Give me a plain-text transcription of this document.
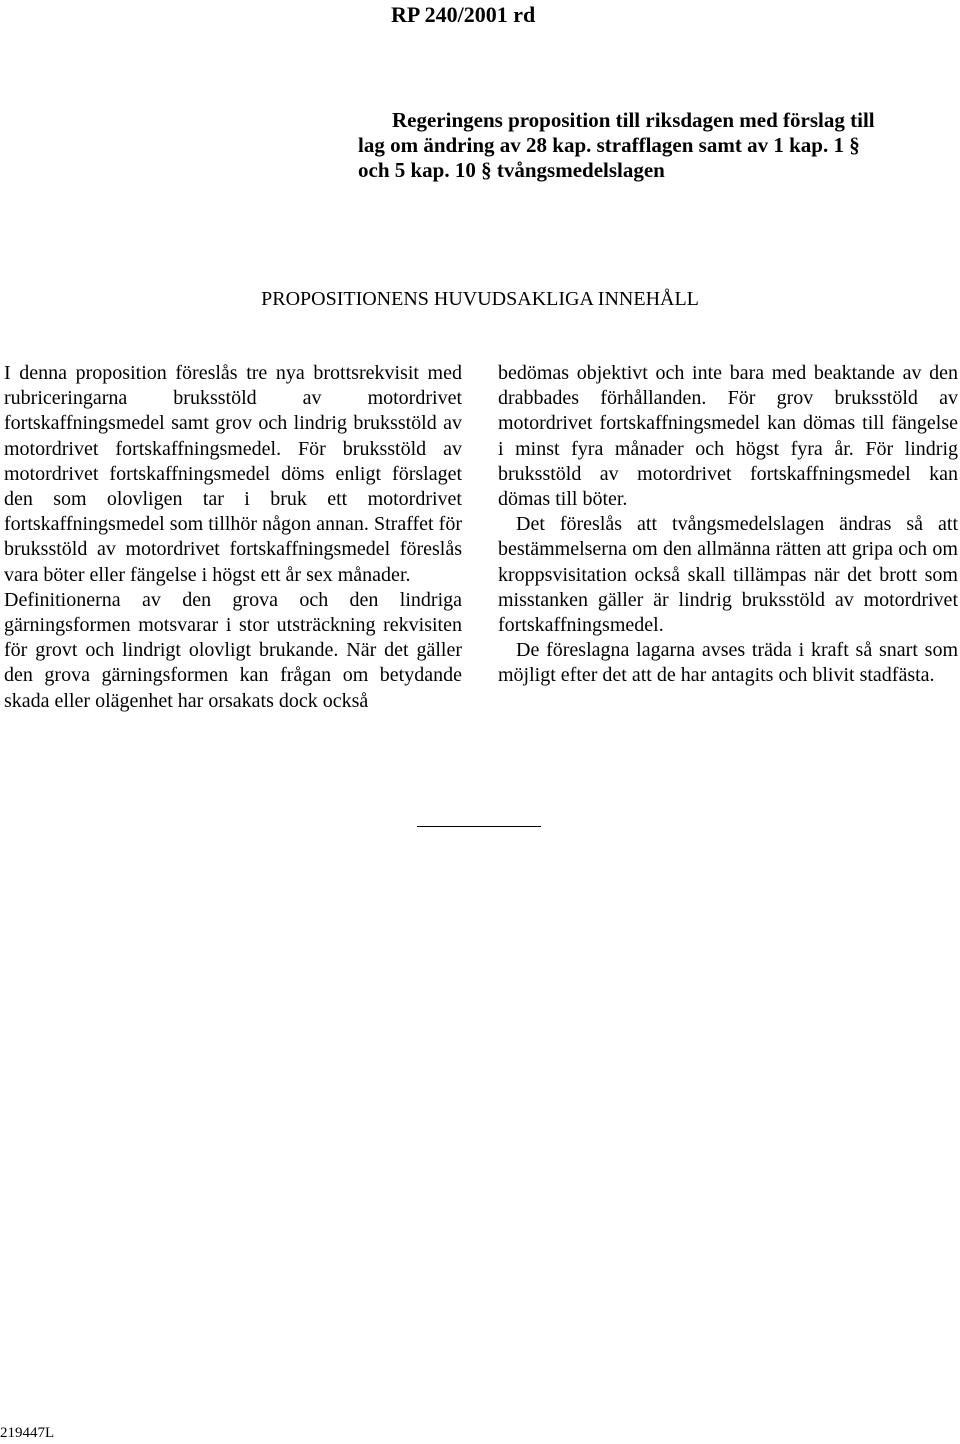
RP 240/2001 rd

Regeringens proposition till riksdagen med förslag till
lag om ändring av 28 kap. strafflagen samt av 1 kap. 1 §
och 5 kap. 10 § tvångsmedelslagen
PROPOSITIONENS HUVUDSAKLIGA INNEHÅLL

I denna proposition föreslås tre nya brottsrekvisit med rubriceringarna bruksstöld av motordrivet fortskaffningsmedel samt grov och lindrig bruksstöld av motordrivet fortskaffningsmedel. För bruksstöld av motordrivet fortskaffningsmedel döms enligt förslaget den som olovligen tar i bruk ett motordrivet fortskaffningsmedel som tillhör någon annan. Straffet för bruksstöld av motordrivet fortskaffningsmedel föreslås vara böter eller fängelse i högst ett år sex månader.

Definitionerna av den grova och den lindriga gärningsformen motsvarar i stor utsträckning rekvisiten för grovt och lindrigt olovligt brukande. När det gäller den grova gärningsformen kan frågan om betydande skada eller olägenhet har orsakats dock också

bedömas objektivt och inte bara med beaktande av den drabbades förhållanden. För grov bruksstöld av motordrivet fortskaffningsmedel kan dömas till fängelse i minst fyra månader och högst fyra år. För lindrig bruksstöld av motordrivet fortskaffningsmedel kan dömas till böter.

Det föreslås att tvångsmedelslagen ändras så att bestämmelserna om den allmänna rätten att gripa och om kroppsvisitation också skall tillämpas när det brott som misstanken gäller är lindrig bruksstöld av motordrivet fortskaffningsmedel.

De föreslagna lagarna avses träda i kraft så snart som möjligt efter det att de har antagits och blivit stadfästa.

219447L
